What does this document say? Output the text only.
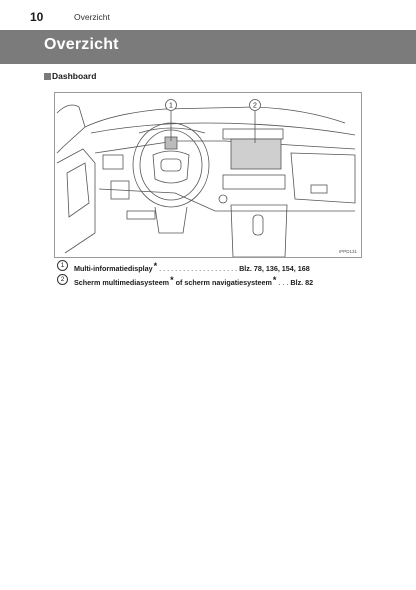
10	Overzicht
Overzicht
Dashboard
1	2
IPPD131
1	Multi-informatiedisplay* . . . . . . . . . . . . . . . . . . . . Blz. 78, 136, 154, 168
2	Scherm multimediasysteem* of scherm navigatiesysteem* . . . Blz. 82
